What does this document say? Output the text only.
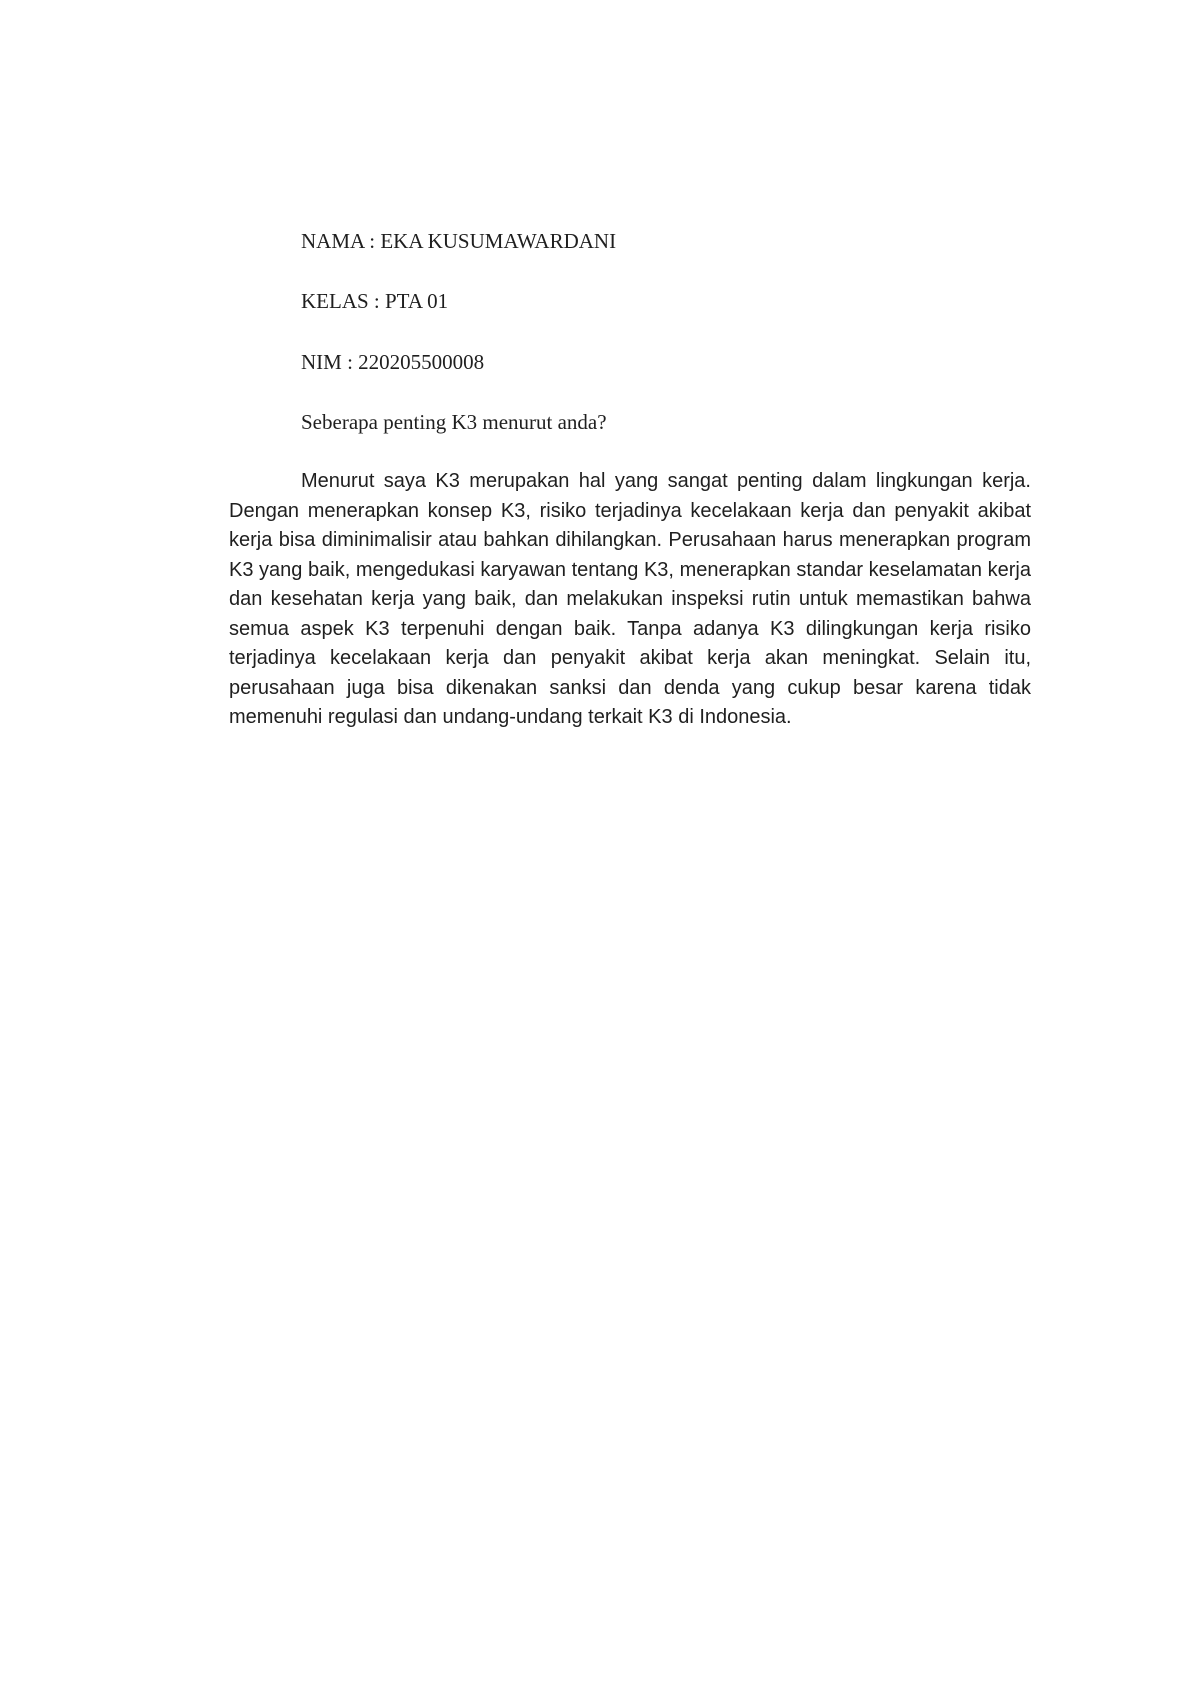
NAMA : EKA KUSUMAWARDANI
KELAS : PTA 01
NIM : 220205500008
Seberapa penting K3 menurut anda?

Menurut saya K3 merupakan hal yang sangat penting dalam lingkungan kerja. Dengan menerapkan konsep K3, risiko terjadinya kecelakaan kerja dan penyakit akibat kerja bisa diminimalisir atau bahkan dihilangkan. Perusahaan harus menerapkan program K3 yang baik, mengedukasi karyawan tentang K3, menerapkan standar keselamatan kerja dan kesehatan kerja yang baik, dan melakukan inspeksi rutin untuk memastikan bahwa semua aspek K3 terpenuhi dengan baik. Tanpa adanya K3 dilingkungan kerja risiko terjadinya kecelakaan kerja dan penyakit akibat kerja akan meningkat. Selain itu, perusahaan juga bisa dikenakan sanksi dan denda yang cukup besar karena tidak memenuhi regulasi dan undang-undang terkait K3 di Indonesia.
